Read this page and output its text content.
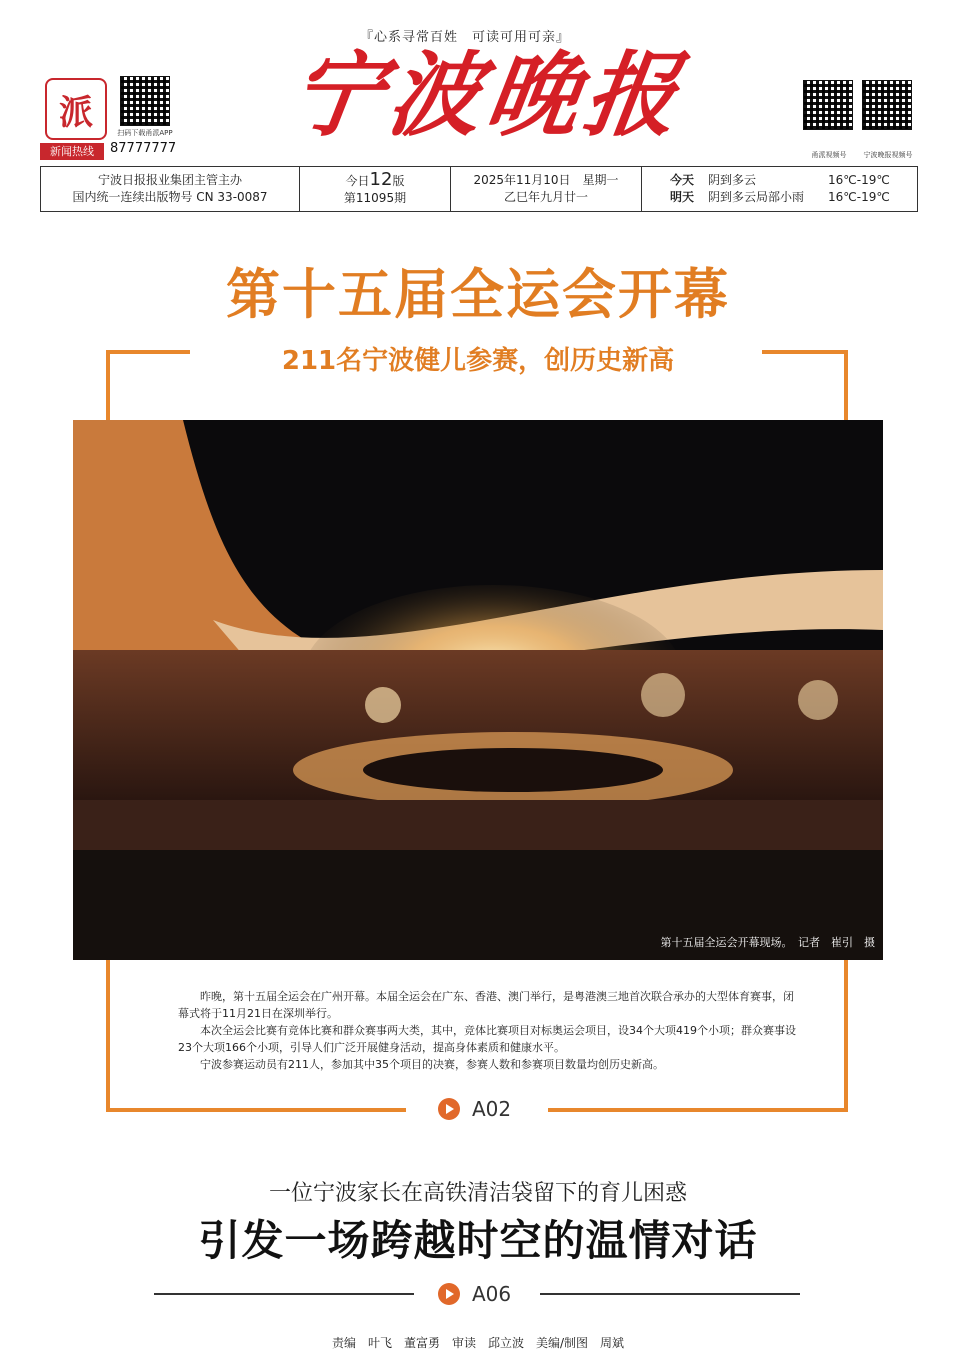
『心系寻常百姓　可读可用可亲』
宁波晚报
派
扫码下载甬派APP
新闻热线	87777777	甬派视频号	宁波晚报视频号
宁波日报报业集团主管主办
国内统一连续出版物号 CN 33-0087
今日12版
第11095期
2025年11月10日　星期一
乙巳年九月廿一
今天	阴到多云	16℃-19℃
明天	阴到多云局部小雨	16℃-19℃
第十五届全运会开幕
211名宁波健儿参赛，创历史新高
第十五届全运会开幕现场。　记者　崔引　摄

昨晚，第十五届全运会在广州开幕。本届全运会在广东、香港、澳门举行，是粤港澳三地首次联合承办的大型体育赛事，闭幕式将于11月21日在深圳举行。

本次全运会比赛有竞体比赛和群众赛事两大类，其中，竞体比赛项目对标奥运会项目，设34个大项419个小项；群众赛事设23个大项166个小项，引导人们广泛开展健身活动，提高身体素质和健康水平。

宁波参赛运动员有211人，参加其中35个项目的决赛，参赛人数和参赛项目数量均创历史新高。

A02
一位宁波家长在高铁清洁袋留下的育儿困惑
引发一场跨越时空的温情对话
A06
责编　叶飞　董富勇　审读　邱立波　美编/制图　周斌
